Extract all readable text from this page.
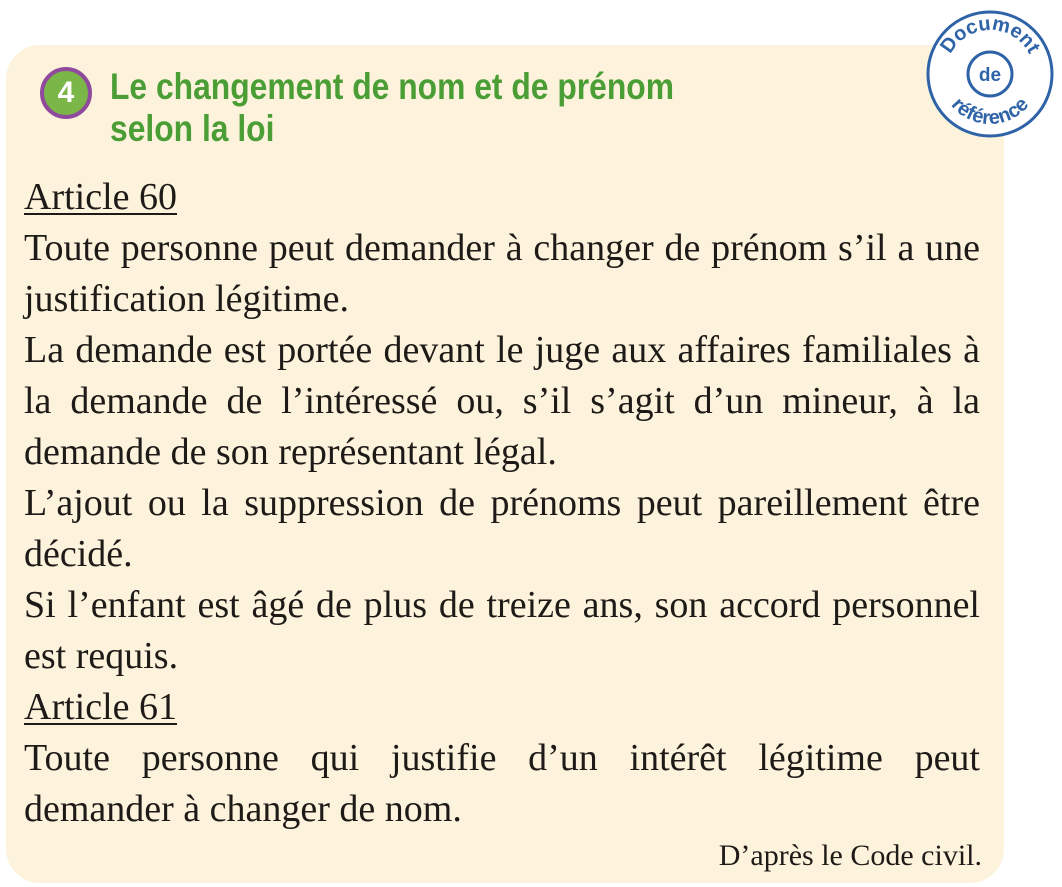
4 Le changement de nom et de prénom selon la loi
Document
de
référence

Article 60

Toute personne peut demander à changer de prénom s’il a une justification légitime.

La demande est portée devant le juge aux affaires familiales à la demande de l’intéressé ou, s’il s’agit d’un mineur, à la demande de son représentant légal.

L’ajout ou la suppression de prénoms peut pareillement être décidé.

Si l’enfant est âgé de plus de treize ans, son accord personnel est requis.

Article 61

Toute personne qui justifie d’un intérêt légitime peut demander à changer de nom.

D’après le Code civil.
